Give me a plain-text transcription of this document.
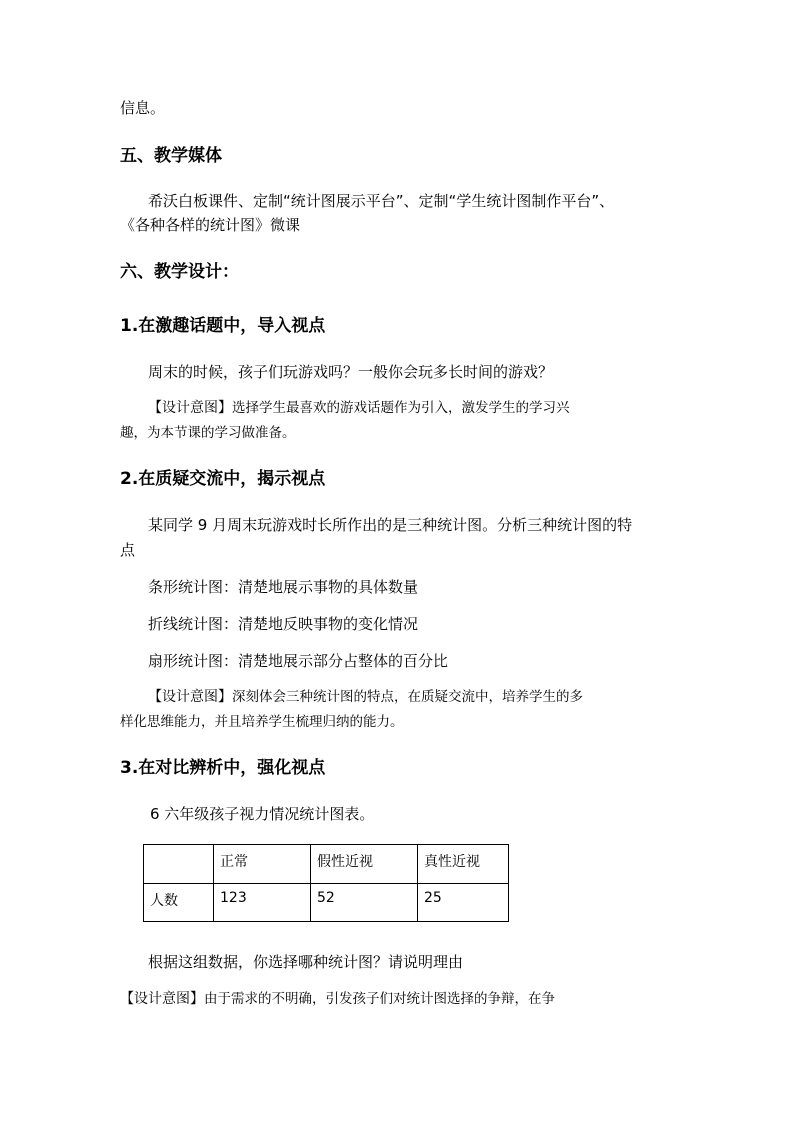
信息。
五、教学媒体
希沃白板课件、定制“统计图展示平台”、定制“学生统计图制作平台”、
《各种各样的统计图》微课
六、教学设计：
1.在激趣话题中，导入视点
周末的时候，孩子们玩游戏吗？一般你会玩多长时间的游戏？
【设计意图】选择学生最喜欢的游戏话题作为引入，激发学生的学习兴
趣，为本节课的学习做准备。
2.在质疑交流中，揭示视点
某同学 9 月周末玩游戏时长所作出的是三种统计图。分析三种统计图的特
点
条形统计图：清楚地展示事物的具体数量
折线统计图：清楚地反映事物的变化情况
扇形统计图：清楚地展示部分占整体的百分比
【设计意图】深刻体会三种统计图的特点，在质疑交流中，培养学生的多
样化思维能力，并且培养学生梳理归纳的能力。
3.在对比辨析中，强化视点
6 六年级孩子视力情况统计图表。
	正常	假性近视	真性近视
人数	123	52	25
根据这组数据，你选择哪种统计图？请说明理由
【设计意图】由于需求的不明确，引发孩子们对统计图选择的争辩，在争
